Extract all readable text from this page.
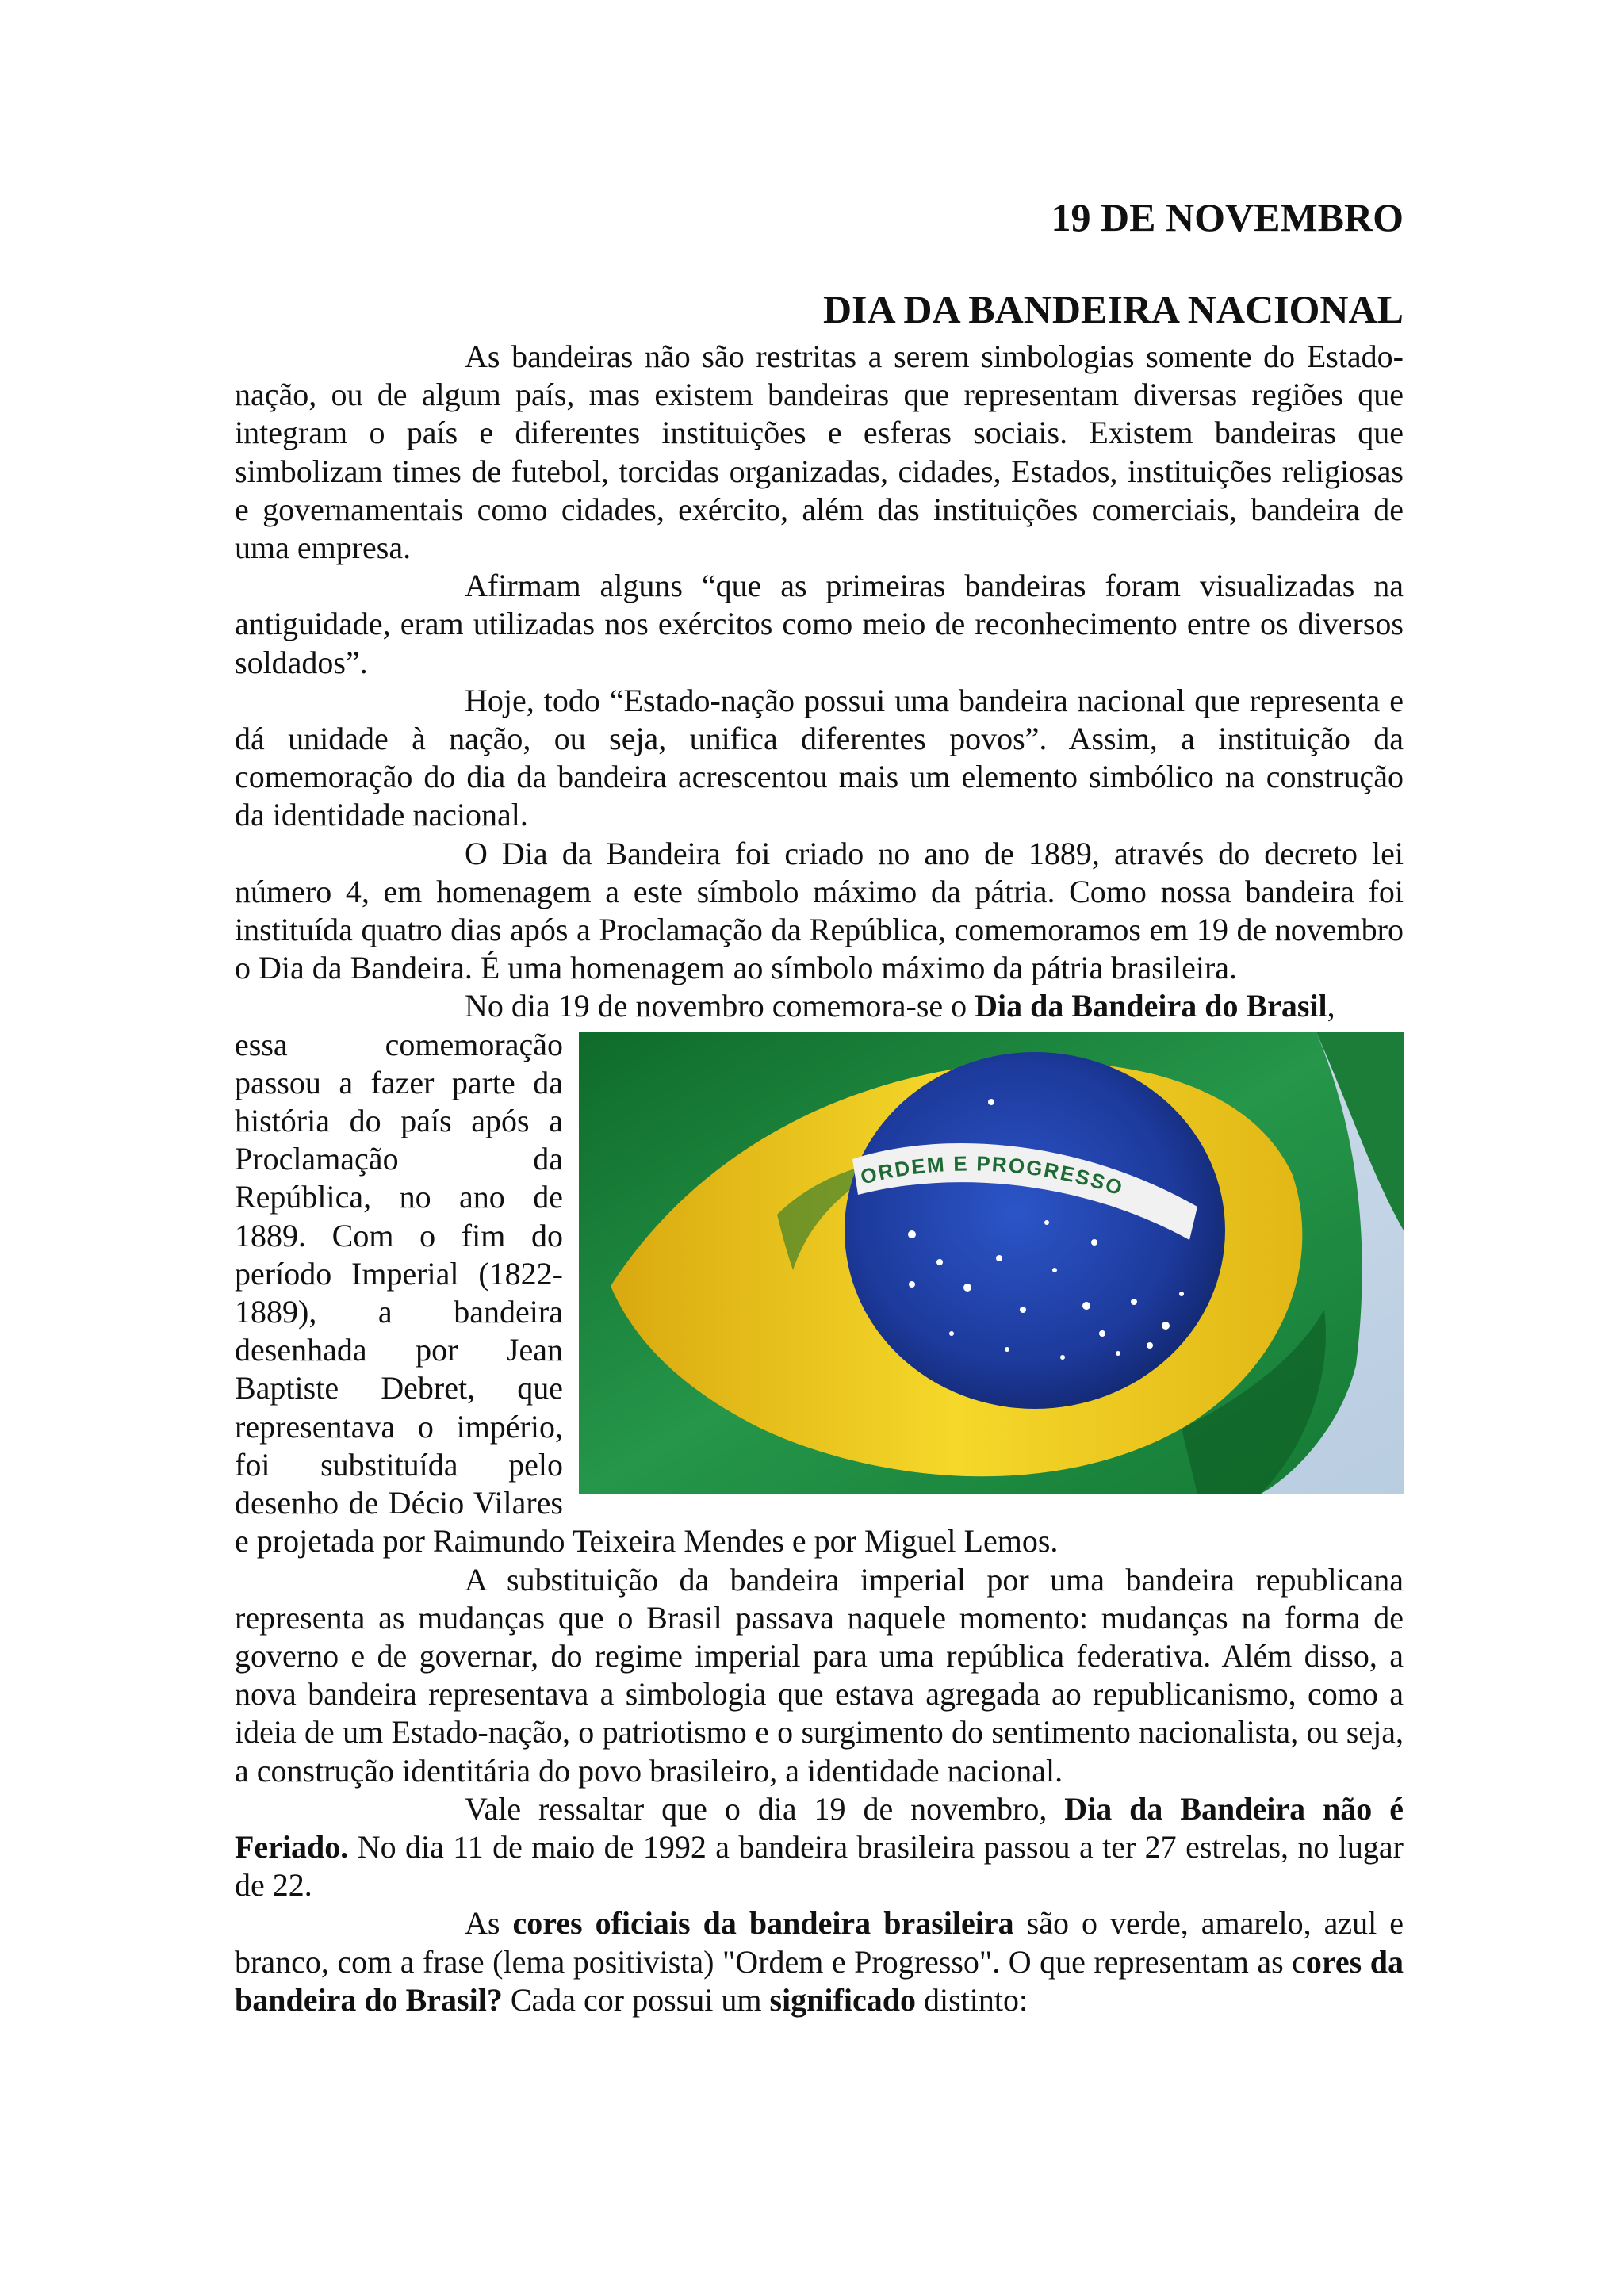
19 DE NOVEMBRO
DIA DA BANDEIRA NACIONAL

As bandeiras não são restritas a serem simbologias somente do Estado-nação, ou de algum país, mas existem bandeiras que representam diversas regiões que integram o país e diferentes instituições e esferas sociais. Existem bandeiras que simbolizam times de futebol, torcidas organizadas, cidades, Estados, instituições religiosas e governamentais como cidades, exército, além das instituições comerciais, bandeira de uma empresa.

Afirmam alguns “que as primeiras bandeiras foram visualizadas na antiguidade, eram utilizadas nos exércitos como meio de reconhecimento entre os diversos soldados”.

Hoje, todo “Estado-nação possui uma bandeira nacional que representa e dá unidade à nação, ou seja, unifica diferentes povos”. Assim, a instituição da comemoração do dia da bandeira acrescentou mais um elemento simbólico na construção da identidade nacional.

O Dia da Bandeira foi criado no ano de 1889, através do decreto lei número 4, em homenagem a este símbolo máximo da pátria. Como nossa bandeira foi instituída quatro dias após a Proclamação da República, comemoramos em 19 de novembro o Dia da Bandeira. É uma homenagem ao símbolo máximo da pátria brasileira.

No dia 19 de novembro comemora-se o Dia da Bandeira do Brasil,

ORDEM E PROGRESSO
essa comemoração passou a fazer parte da história do país após a Proclamação da República, no ano de 1889. Com o fim do período Imperial (1822-1889), a bandeira desenhada por Jean Baptiste Debret, que representava o império, foi substituída pelo desenho de Décio Vilares e projetada por Raimundo Teixeira Mendes e por Miguel Lemos.

A substituição da bandeira imperial por uma bandeira republicana representa as mudanças que o Brasil passava naquele momento: mudanças na forma de governo e de governar, do regime imperial para uma república federativa. Além disso, a nova bandeira representava a simbologia que estava agregada ao republicanismo, como a ideia de um Estado-nação, o patriotismo e o surgimento do sentimento nacionalista, ou seja, a construção identitária do povo brasileiro, a identidade nacional.

Vale ressaltar que o dia 19 de novembro, Dia da Bandeira não é Feriado. No dia 11 de maio de 1992 a bandeira brasileira passou a ter 27 estrelas, no lugar de 22.

As cores oficiais da bandeira brasileira são o verde, amarelo, azul e branco, com a frase (lema positivista) "Ordem e Progresso". O que representam as cores da bandeira do Brasil? Cada cor possui um significado distinto:
